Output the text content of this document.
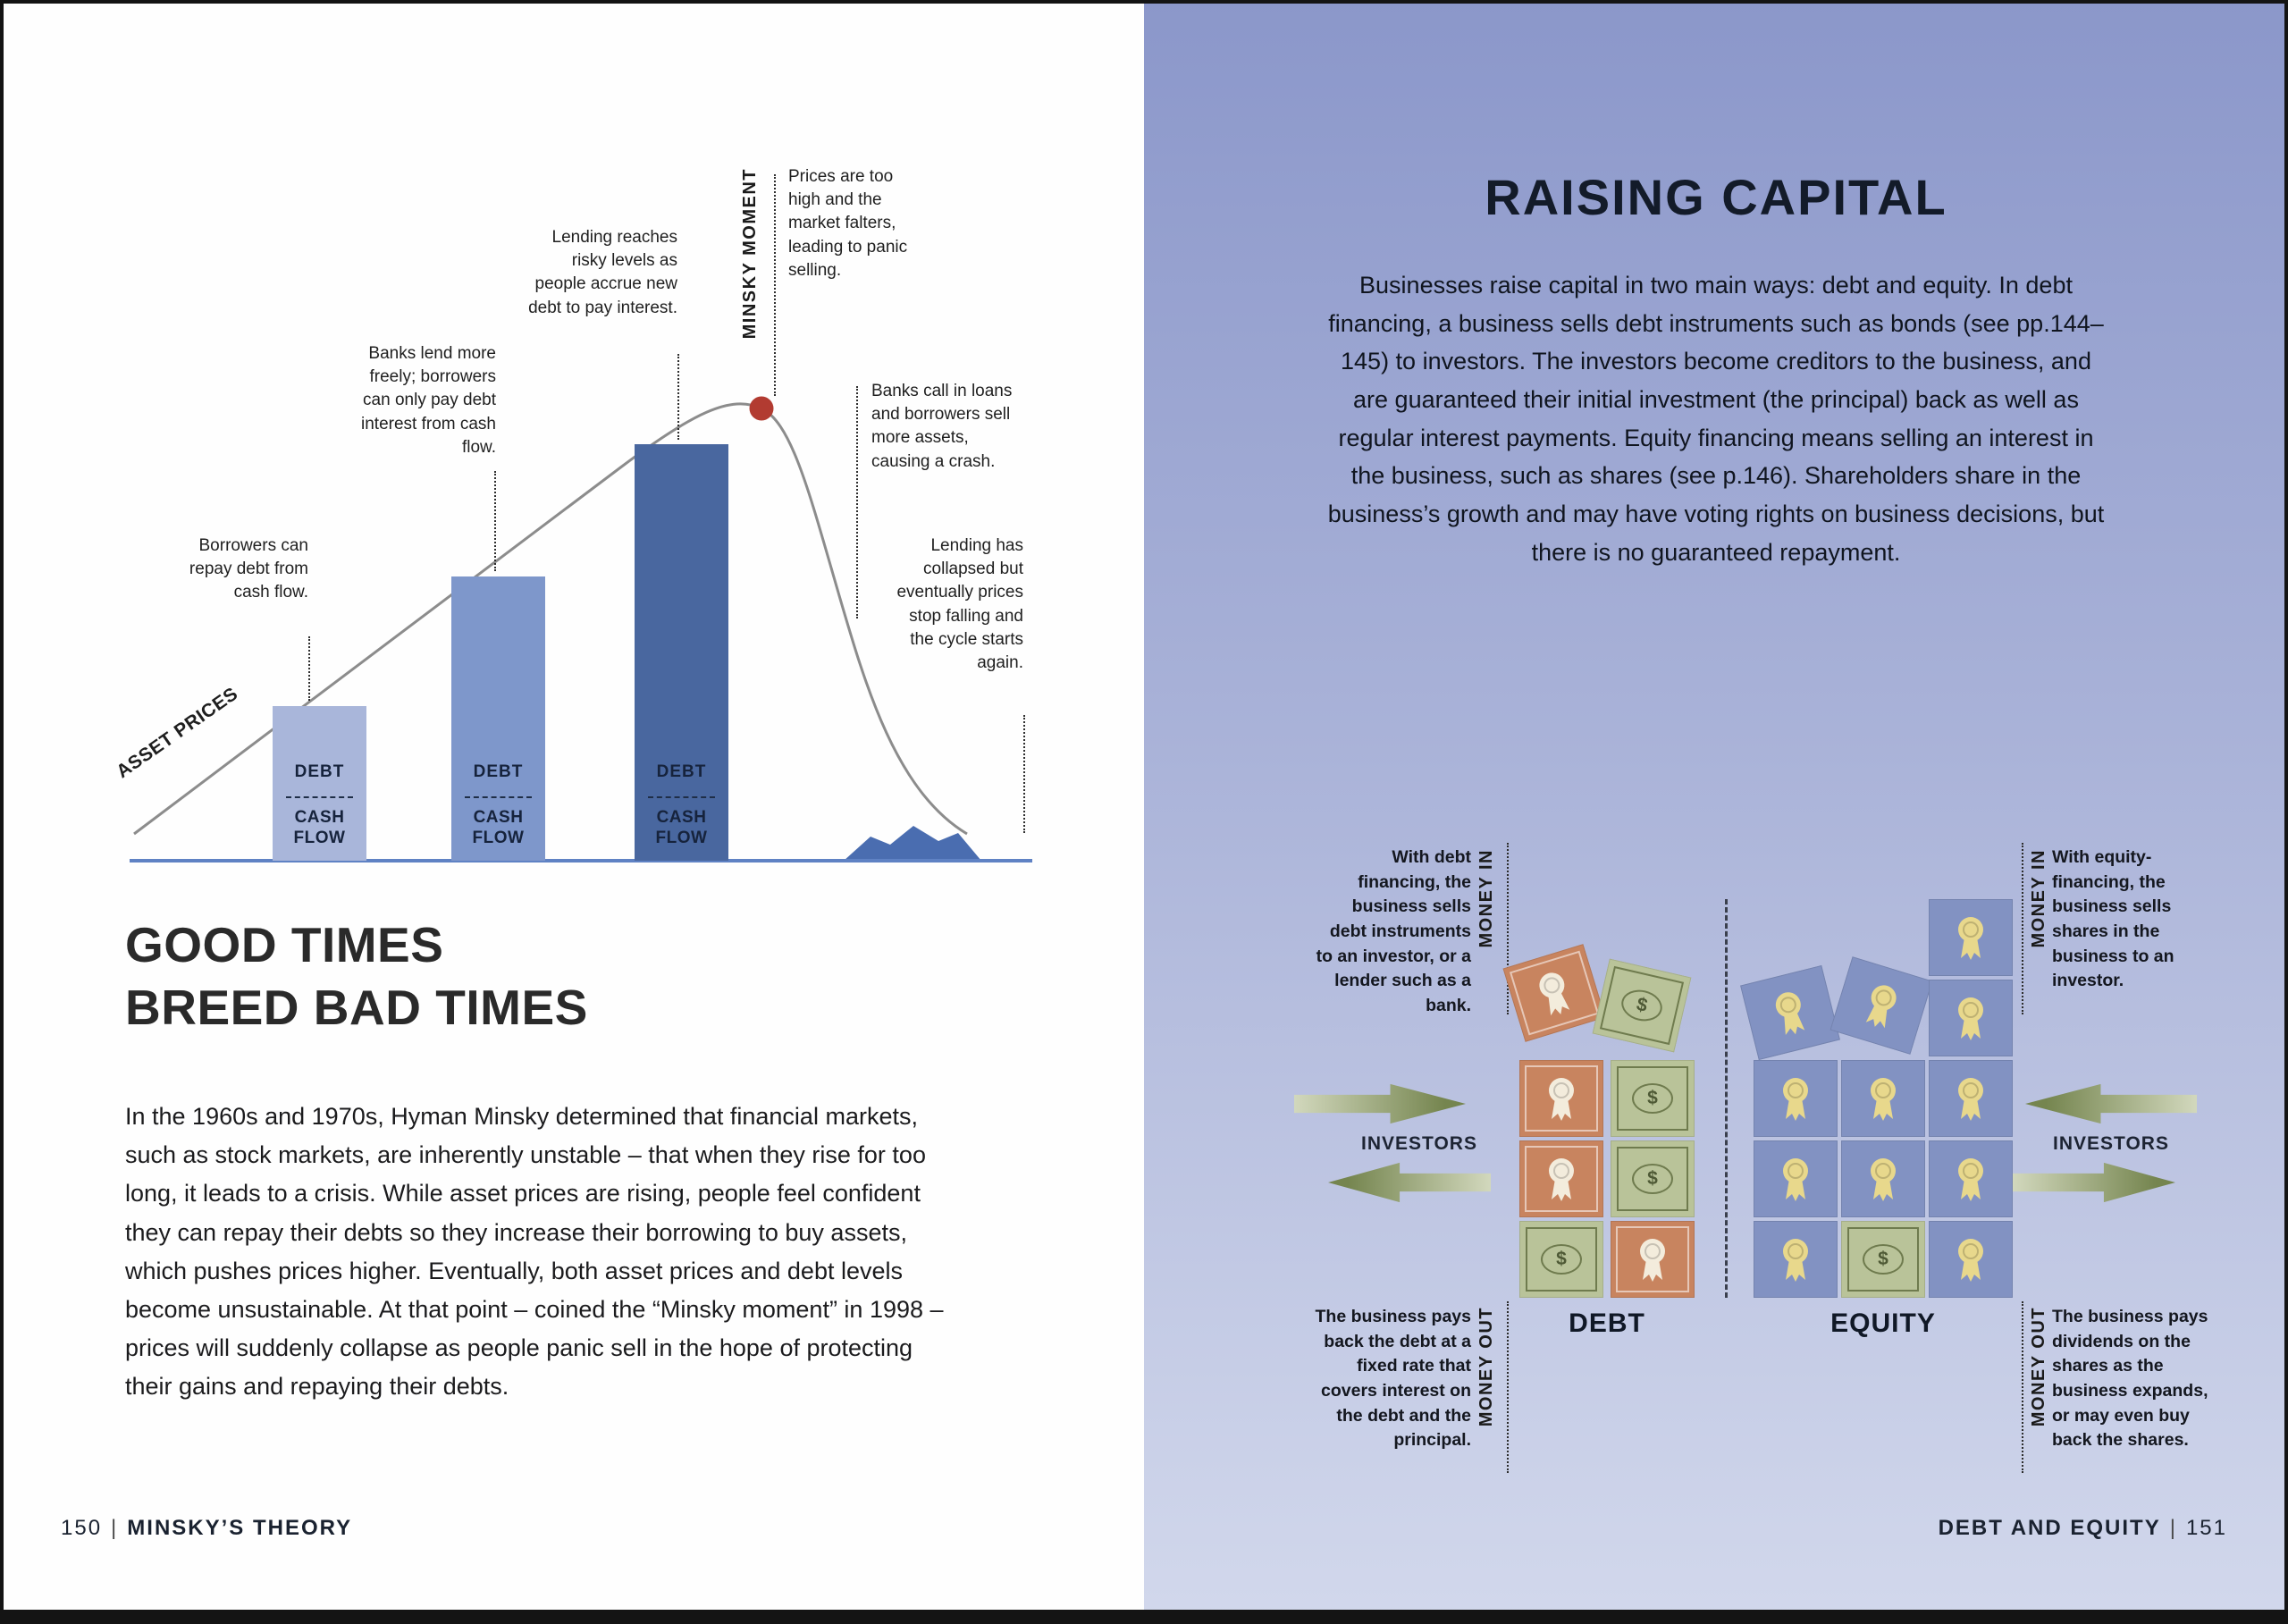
DEBT
CASH FLOW
DEBT
CASH FLOW
DEBT
CASH FLOW
Borrowers can repay debt from cash flow.
Banks lend more freely; borrowers can only pay debt interest from cash flow.
Lending reaches risky levels as people accrue new debt to pay interest.	MINSKY MOMENT Prices are too high and the market falters, leading to panic selling.
Banks call in loans and borrowers sell more assets, causing a crash.
Lending has collapsed but eventually prices stop falling and the cycle starts again.
ASSET PRICES
GOOD TIMES
BREED BAD TIMES

In the 1960s and 1970s, Hyman Minsky determined that financial markets, such as stock markets, are inherently unstable – that when they rise for too long, it leads to a crisis. While asset prices are rising, people feel confident they can repay their debts so they increase their borrowing to buy assets, which pushes prices higher. Eventually, both asset prices and debt levels become unsustainable. At that point – coined the “Minsky moment” in 1998 – prices will suddenly collapse as people panic sell in the hope of protecting their gains and repaying their debts.

150 | MINSKY’S THEORY
RAISING CAPITAL
Businesses raise capital in two main ways: debt and equity. In debt financing, a business sells debt instruments such as bonds (see pp.144–145) to investors. The investors become creditors to the business, and are guaranteed their initial investment (the principal) back as well as regular interest payments. Equity financing means selling an interest in the business, such as shares (see p.146). Shareholders share in the business’s growth and may have voting rights on business decisions, but there is no guaranteed repayment.
With debt financing, the business sells debt instruments to an investor, or a lender such as a bank.
MONEY IN
The business pays back the debt at a fixed rate that covers interest on the debt and the principal.
MONEY OUT
INVESTORS
$
$
$
$	$
DEBT	EQUITY
MONEY IN With equity-financing, the business sells shares in the business to an investor.
MONEY OUT The business pays dividends on the shares as the business expands, or may even buy back the shares.
INVESTORS
DEBT AND EQUITY | 151
